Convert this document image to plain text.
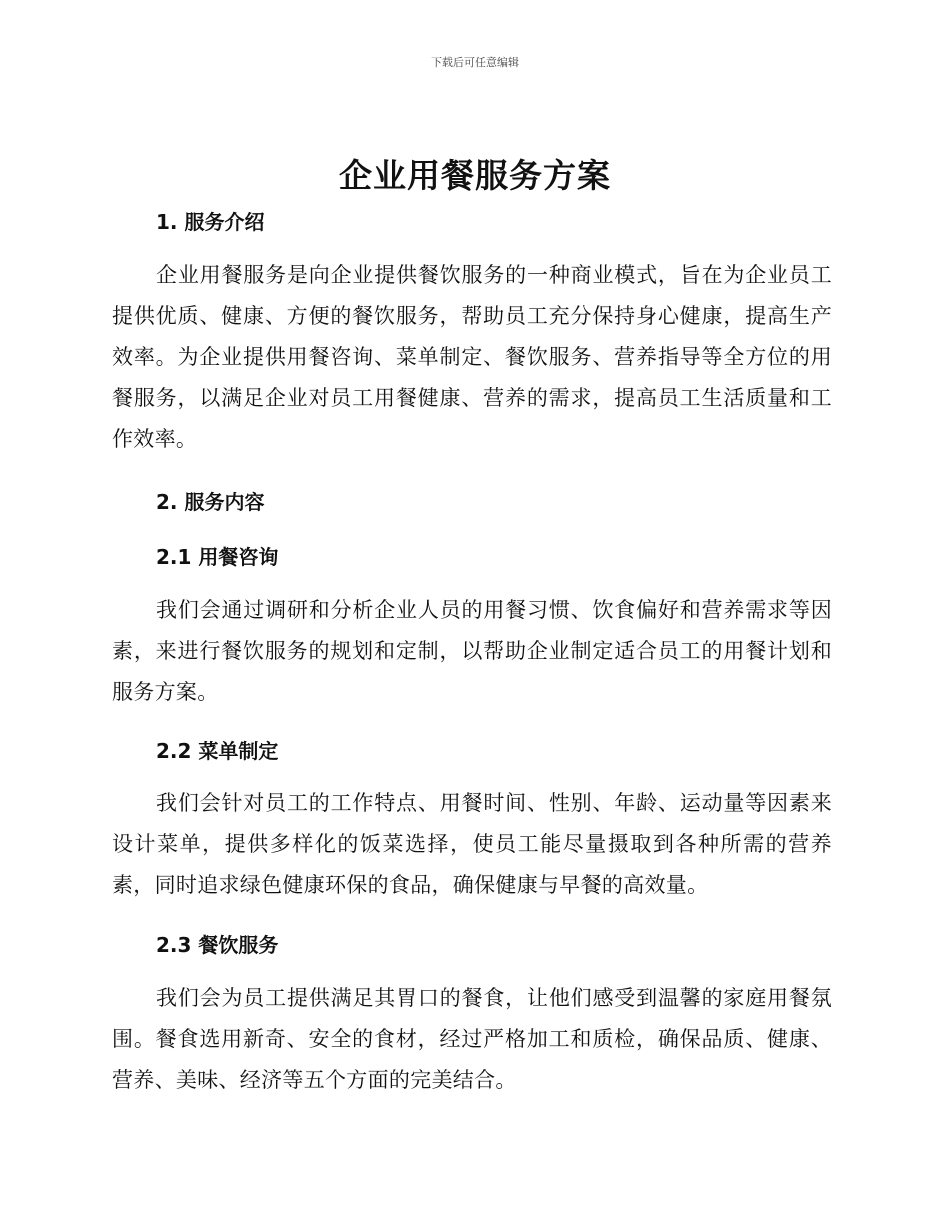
下载后可任意编辑
企业用餐服务方案
1. 服务介绍

企业用餐服务是向企业提供餐饮服务的一种商业模式，旨在为企业员工提供优质、健康、方便的餐饮服务，帮助员工充分保持身心健康，提高生产效率。为企业提供用餐咨询、菜单制定、餐饮服务、营养指导等全方位的用餐服务，以满足企业对员工用餐健康、营养的需求，提高员工生活质量和工作效率。

2. 服务内容
2.1 用餐咨询

我们会通过调研和分析企业人员的用餐习惯、饮食偏好和营养需求等因素，来进行餐饮服务的规划和定制，以帮助企业制定适合员工的用餐计划和服务方案。

2.2 菜单制定

我们会针对员工的工作特点、用餐时间、性别、年龄、运动量等因素来设计菜单，提供多样化的饭菜选择，使员工能尽量摄取到各种所需的营养素，同时追求绿色健康环保的食品，确保健康与早餐的高效量。

2.3 餐饮服务

我们会为员工提供满足其胃口的餐食，让他们感受到温馨的家庭用餐氛围。餐食选用新奇、安全的食材，经过严格加工和质检，确保品质、健康、营养、美味、经济等五个方面的完美结合。
